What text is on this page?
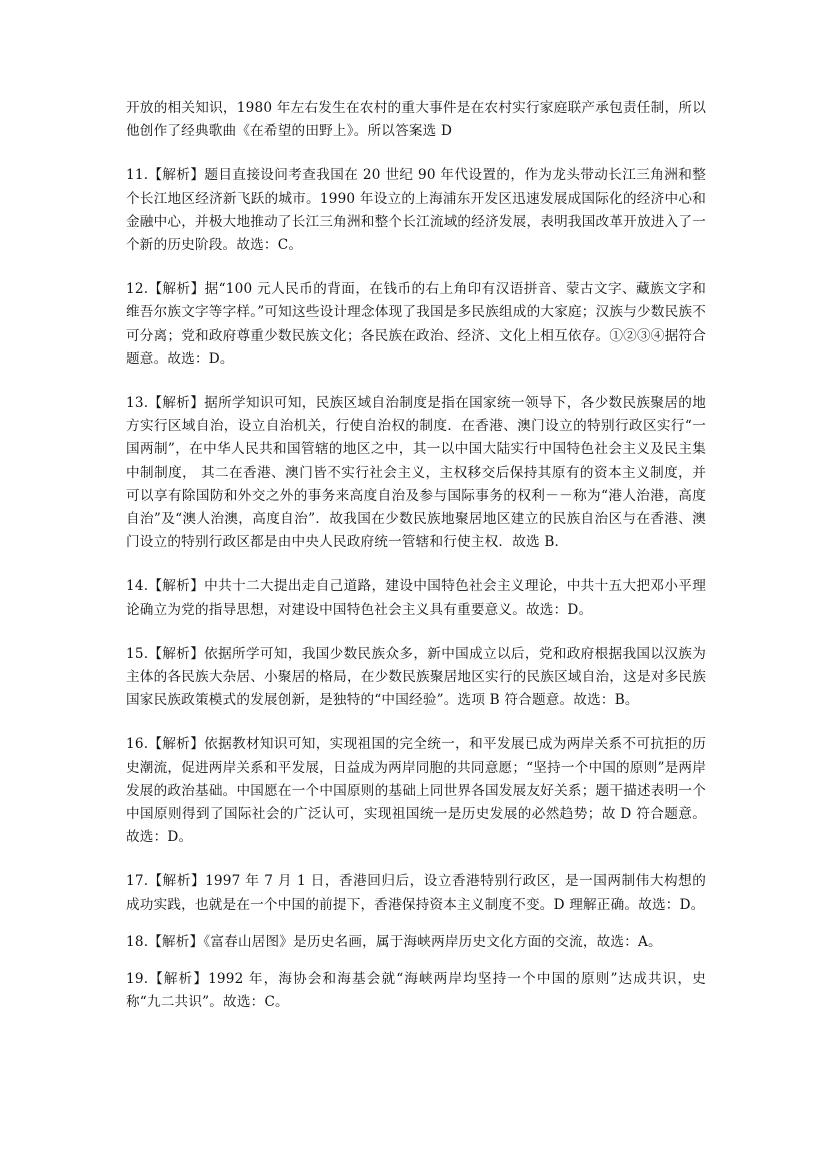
开放的相关知识，1980 年左右发生在农村的重大事件是在农村实行家庭联产承包责任制，所以他创作了经典歌曲《在希望的田野上》。所以答案选 D

11.【解析】题目直接设问考查我国在 20 世纪 90 年代设置的，作为龙头带动长江三角洲和整个长江地区经济新飞跃的城市。1990 年设立的上海浦东开发区迅速发展成国际化的经济中心和金融中心，并极大地推动了长江三角洲和整个长江流域的经济发展，表明我国改革开放进入了一个新的历史阶段。故选：C。

12.【解析】据“100 元人民币的背面，在钱币的右上角印有汉语拼音、蒙古文字、藏族文字和维吾尔族文字等字样。”可知这些设计理念体现了我国是多民族组成的大家庭；汉族与少数民族不可分离；党和政府尊重少数民族文化；各民族在政治、经济、文化上相互依存。①②③④据符合题意。故选：D。

13.【解析】据所学知识可知，民族区域自治制度是指在国家统一领导下，各少数民族聚居的地方实行区域自治，设立自治机关，行使自治权的制度．在香港、澳门设立的特别行政区实行“一国两制”，在中华人民共和国管辖的地区之中，其一以中国大陆实行中国特色社会主义及民主集中制制度， 其二在香港、澳门皆不实行社会主义，主权移交后保持其原有的资本主义制度，并可以享有除国防和外交之外的事务来高度自治及参与国际事务的权利－－称为“港人治港，高度自治”及“澳人治澳，高度自治”．故我国在少数民族地聚居地区建立的民族自治区与在香港、澳门设立的特别行政区都是由中央人民政府统一管辖和行使主权．故选 B．

14.【解析】中共十二大提出走自己道路，建设中国特色社会主义理论，中共十五大把邓小平理论确立为党的指导思想，对建设中国特色社会主义具有重要意义。故选：D。

15.【解析】依据所学可知，我国少数民族众多，新中国成立以后，党和政府根据我国以汉族为主体的各民族大杂居、小聚居的格局，在少数民族聚居地区实行的民族区域自治，这是对多民族国家民族政策模式的发展创新，是独特的“中国经验”。选项 B 符合题意。故选：B。

16.【解析】依据教材知识可知，实现祖国的完全统一，和平发展已成为两岸关系不可抗拒的历史潮流，促进两岸关系和平发展，日益成为两岸同胞的共同意愿；“坚持一个中国的原则”是两岸发展的政治基础。中国愿在一个中国原则的基础上同世界各国发展友好关系；题干描述表明一个中国原则得到了国际社会的广泛认可，实现祖国统一是历史发展的必然趋势；故 D 符合题意。故选：D。

17.【解析】1997 年 7 月 1 日，香港回归后，设立香港特别行政区，是一国两制伟大构想的成功实践，也就是在一个中国的前提下，香港保持资本主义制度不变。D 理解正确。故选：D。

18.【解析】《富春山居图》是历史名画，属于海峡两岸历史文化方面的交流，故选：A。

19.【解析】1992 年，海协会和海基会就“海峡两岸均坚持一个中国的原则”达成共识，史称“九二共识”。故选：C。
